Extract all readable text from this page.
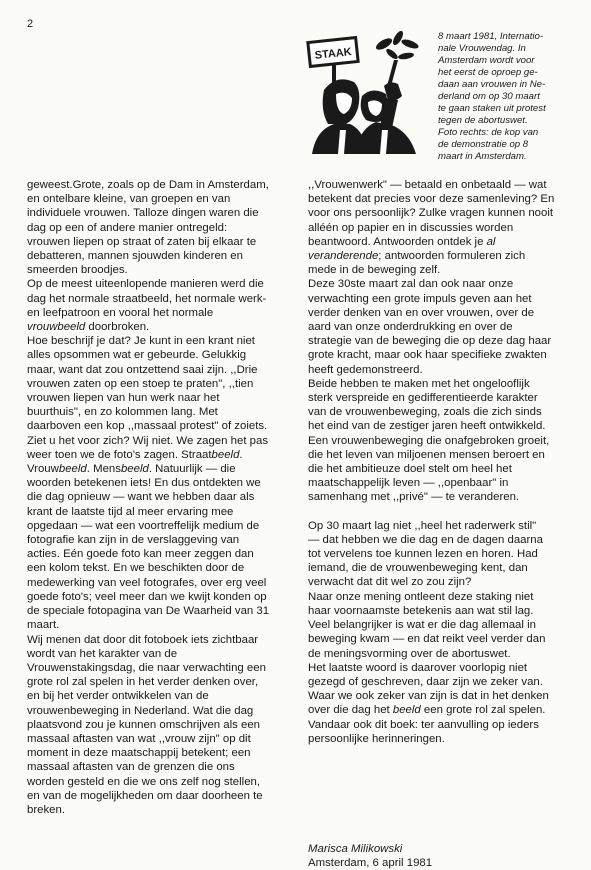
2
STAAK
8 maart 1981, Internatio-
nale Vrouwendag. In
Amsterdam wordt voor
het eerst de oproep ge-
daan aan vrouwen in Ne-
derland om op 30 maart
te gaan staken uit protest
tegen de abortuswet.
Foto rechts: de kop van
de demonstratie op 8
maart in Amsterdam.
geweest.Grote, zoals op de Dam in Amsterdam,
en ontelbare kleine, van groepen en van
individuele vrouwen. Talloze dingen waren die
dag op een of andere manier ontregeld:
vrouwen liepen op straat of zaten bij elkaar te
debatteren, mannen sjouwden kinderen en
smeerden broodjes.
Op de meest uiteenlopende manieren werd die
dag het normale straatbeeld, het normale werk-
en leefpatroon en vooral het normale
vrouwbeeld doorbroken.
Hoe beschrijf je dat? Je kunt in een krant niet
alles opsommen wat er gebeurde. Gelukkig
maar, want dat zou ontzettend saai zijn. ,,Drie
vrouwen zaten op een stoep te praten", ,,tien
vrouwen liepen van hun werk naar het
buurthuis", en zo kolommen lang. Met
daarboven een kop ,,massaal protest" of zoiets.
Ziet u het voor zich? Wij niet. We zagen het pas
weer toen we de foto's zagen. Straatbeeld.
Vrouwbeeld. Mensbeeld. Natuurlijk — die
woorden betekenen iets! En dus ontdekten we
die dag opnieuw — want we hebben daar als
krant de laatste tijd al meer ervaring mee
opgedaan — wat een voortreffelijk medium de
fotografie kan zijn in de verslaggeving van
acties. Eén goede foto kan meer zeggen dan
een kolom tekst. En we beschikten door de
medewerking van veel fotografes, over erg veel
goede foto's; veel meer dan we kwijt konden op
de speciale fotopagina van De Waarheid van 31
maart.
Wij menen dat door dit fotoboek iets zichtbaar
wordt van het karakter van de
Vrouwenstakingsdag, die naar verwachting een
grote rol zal spelen in het verder denken over,
en bij het verder ontwikkelen van de
vrouwenbeweging in Nederland. Wat die dag
plaatsvond zou je kunnen omschrijven als een
massaal aftasten van wat ,,vrouw zijn" op dit
moment in deze maatschappij betekent; een
massaal aftasten van de grenzen die ons
worden gesteld en die we ons zelf nog stellen,
en van de mogelijkheden om daar doorheen te
breken.
,,Vrouwenwerk" — betaald en onbetaald — wat
betekent dat precies voor deze samenleving? En
voor ons persoonlijk? Zulke vragen kunnen nooit
alléén op papier en in discussies worden
beantwoord. Antwoorden ontdek je al
veranderende; antwoorden formuleren zich
mede in de beweging zelf.
Deze 30ste maart zal dan ook naar onze
verwachting een grote impuls geven aan het
verder denken van en over vrouwen, over de
aard van onze onderdrukking en over de
strategie van de beweging die op deze dag haar
grote kracht, maar ook haar specifieke zwakten
heeft gedemonstreerd.
Beide hebben te maken met het ongelooflijk
sterk verspreide en gedifferentieerde karakter
van de vrouwenbeweging, zoals die zich sinds
het eind van de zestiger jaren heeft ontwikkeld.
Een vrouwenbeweging die onafgebroken groeit,
die het leven van miljoenen mensen beroert en
die het ambitieuze doel stelt om heel het
maatschappelijk leven — ,,openbaar" in
samenhang met ,,privé" — te veranderen.
Op 30 maart lag niet ,,heel het raderwerk stil"
— dat hebben we die dag en de dagen daarna
tot vervelens toe kunnen lezen en horen. Had
iemand, die de vrouwenbeweging kent, dan
verwacht dat dit wel zo zou zijn?
Naar onze mening ontleent deze staking niet
haar voornaamste betekenis aan wat stil lag.
Veel belangrijker is wat er die dag allemaal in
beweging kwam — en dat reikt veel verder dan
de meningsvorming over de abortuswet.
Het laatste woord is daarover voorlopig niet
gezegd of geschreven, daar zijn we zeker van.
Waar we ook zeker van zijn is dat in het denken
over die dag het beeld een grote rol zal spelen.
Vandaar ook dit boek: ter aanvulling op ieders
persoonlijke herinneringen.
Marisca Milikowski
Amsterdam, 6 april 1981
